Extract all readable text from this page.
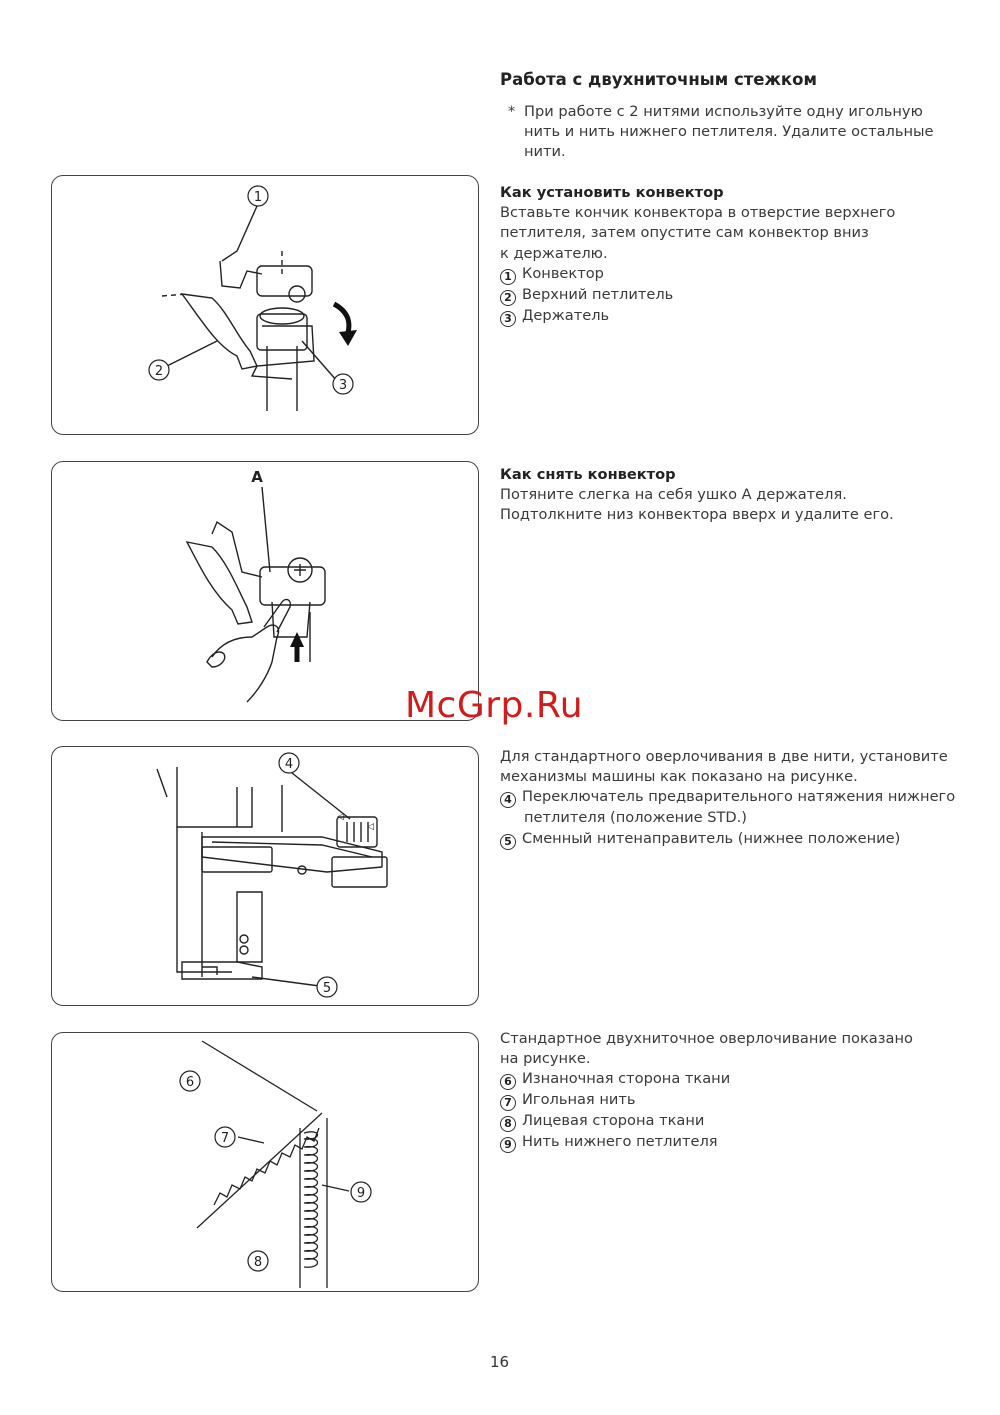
Работа с двухниточным стежком
* При работе с 2 нитями используйте одну игольную
нить и нить нижнего петлителя. Удалите остальные
нити.
Как установить конвектор
Вставьте кончик конвектора в отверстие верхнего
петлителя, затем опустите сам конвектор вниз
к держателю.
1 Конвектор
2 Верхний петлитель
3 Держатель
Как снять конвектор
Потяните слегка на себя ушко А держателя.
Подтолкните низ конвектора вверх и удалите его.
Для стандартного оверлочивания в две нити, установите
механизмы машины как показано на рисунке.
4 Переключатель предварительного натяжения нижнего
петлителя (положение STD.)
5 Сменный нитенаправитель (нижнее положение)
Стандартное двухниточное оверлочивание показано
на рисунке.
6 Изнаночная сторона ткани
7 Игольная нить
8 Лицевая сторона ткани
9 Нить нижнего петлителя
1
2
3
A
McGrp.Ru
◁
◁
4
5
6
7
8
9
16
